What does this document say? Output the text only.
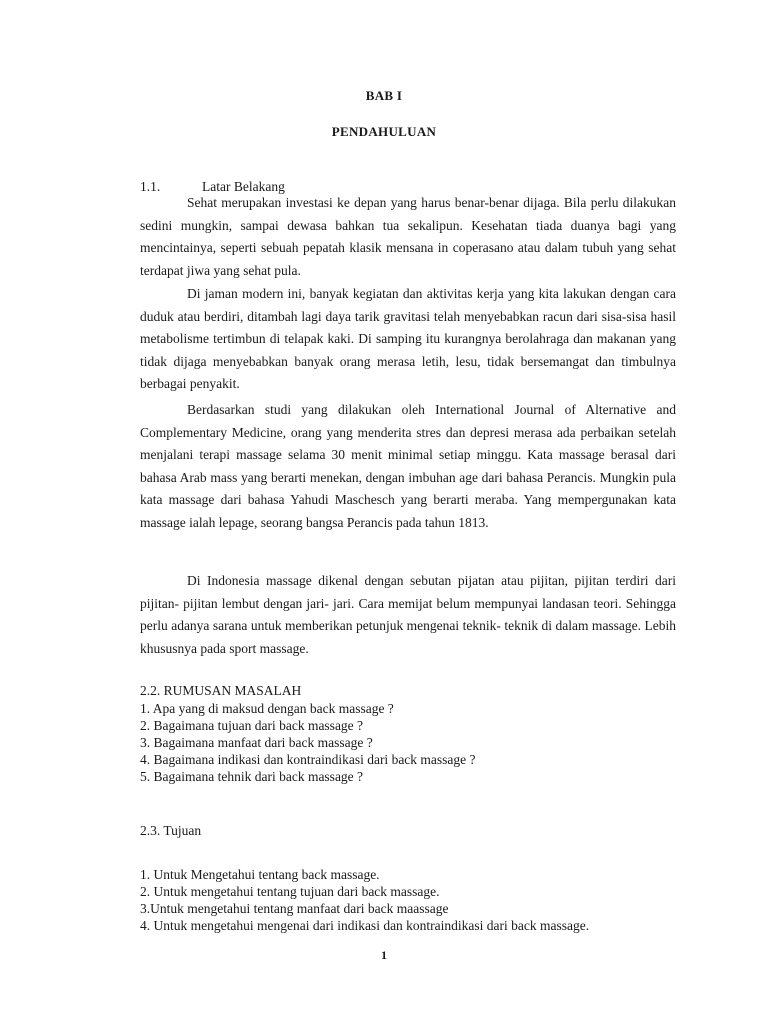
BAB I
PENDAHULUAN
1.1.	Latar Belakang

Sehat merupakan investasi ke depan yang harus benar-benar dijaga. Bila perlu dilakukan sedini mungkin, sampai dewasa bahkan tua sekalipun. Kesehatan tiada duanya bagi yang mencintainya, seperti sebuah pepatah klasik mensana in coperasano atau dalam tubuh yang sehat terdapat jiwa yang sehat pula.

Di jaman modern ini, banyak kegiatan dan aktivitas kerja yang kita lakukan dengan cara duduk atau berdiri, ditambah lagi daya tarik gravitasi telah menyebabkan racun dari sisa-sisa hasil metabolisme tertimbun di telapak kaki. Di samping itu kurangnya berolahraga dan makanan yang tidak dijaga menyebabkan banyak orang merasa letih, lesu, tidak bersemangat dan timbulnya berbagai penyakit.

Berdasarkan studi yang dilakukan oleh International Journal of Alternative and Complementary Medicine, orang yang menderita stres dan depresi merasa ada perbaikan setelah menjalani terapi massage selama 30 menit minimal setiap minggu. Kata massage berasal dari bahasa Arab mass yang berarti menekan, dengan imbuhan age dari bahasa Perancis. Mungkin pula kata massage dari bahasa Yahudi Maschesch yang berarti meraba. Yang mempergunakan kata massage ialah lepage, seorang bangsa Perancis pada tahun 1813.

Di Indonesia massage dikenal dengan sebutan pijatan atau pijitan, pijitan terdiri dari pijitan- pijitan lembut dengan jari- jari. Cara memijat belum mempunyai landasan teori. Sehingga perlu adanya sarana untuk memberikan petunjuk mengenai teknik- teknik di dalam massage. Lebih khususnya pada sport massage.

2.2. RUMUSAN MASALAH
1. Apa yang di maksud dengan back massage ?
2. Bagaimana tujuan dari back massage ?
3. Bagaimana manfaat dari back massage ?
4. Bagaimana indikasi dan kontraindikasi dari back massage ?
5. Bagaimana tehnik dari back massage ?
2.3. Tujuan
1. Untuk Mengetahui tentang back massage.
2. Untuk mengetahui tentang tujuan dari back massage.
3.Untuk mengetahui tentang manfaat dari back maassage
4. Untuk mengetahui mengenai dari indikasi dan kontraindikasi dari back massage.
1
